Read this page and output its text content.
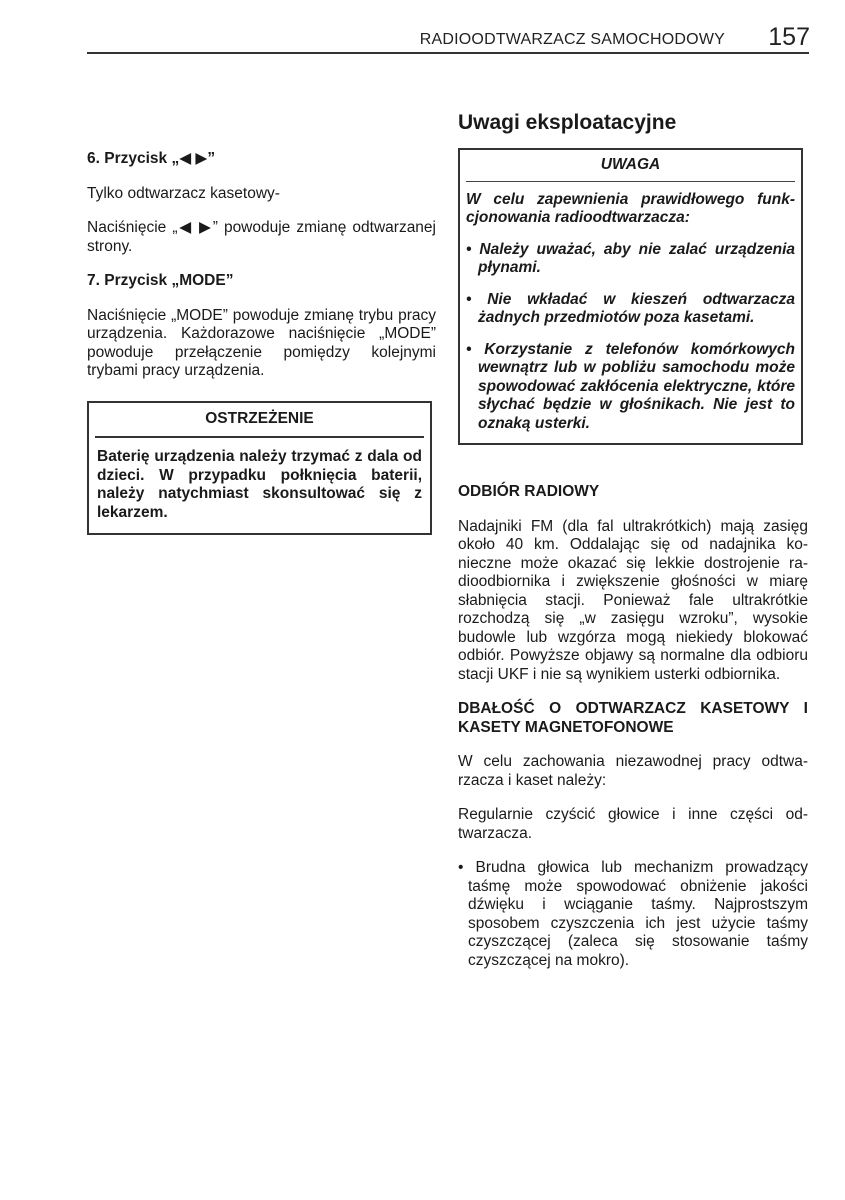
RADIOODTWARZACZ SAMOCHODOWY	157

6. Przycisk „◀ ▶”

Tylko odtwarzacz kasetowy-

Naciśnięcie „◀ ▶” powoduje zmianę odtwarzanej strony.

7. Przycisk „MODE”

Naciśnięcie „MODE” powoduje zmianę trybu pracy urządzenia. Każdorazowe naciśnięcie „MODE” powoduje przełączenie pomiędzy kolejnymi trybami pracy urządzenia.

OSTRZEŻENIE
Baterię urządzenia należy trzymać z dala od dzieci. W przypadku połknięcia baterii, należy natychmiast skonsultować się z lekarzem.
Uwagi eksploatacyjne
UWAGA

W celu zapewnienia prawidłowego funkcjonowania radioodtwarzacza:

• Należy uważać, aby nie zalać urządzenia płynami.

• Nie wkładać w kieszeń odtwarzacza żadnych przedmiotów poza kasetami.

• Korzystanie z telefonów komórkowych wewnątrz lub w pobliżu samochodu może spowodować zakłócenia elektryczne, które słychać będzie w głośnikach. Nie jest to oznaką usterki.

ODBIÓR RADIOWY

Nadajniki FM (dla fal ultrakrótkich) mają zasięg około 40 km. Oddalając się od nadajnika konieczne może okazać się lekkie dostrojenie radioodbiornika i zwiększenie głośności w miarę słabnięcia stacji. Ponieważ fale ultrakrótkie rozchodzą się „w zasięgu wzroku”, wysokie budowle lub wzgórza mogą niekiedy blokować odbiór. Powyższe objawy są normalne dla odbioru stacji UKF i nie są wynikiem usterki odbiornika.

DBAŁOŚĆ O ODTWARZACZ KASETOWY I KASETY MAGNETOFONOWE

W celu zachowania niezawodnej pracy odtwarzacza i kaset należy:

Regularnie czyścić głowice i inne części odtwarzacza.

• Brudna głowica lub mechanizm prowadzący taśmę może spowodować obniżenie jakości dźwięku i wciąganie taśmy. Najprostszym sposobem czyszczenia ich jest użycie taśmy czyszczącej (zaleca się stosowanie taśmy czyszczącej na mokro).
